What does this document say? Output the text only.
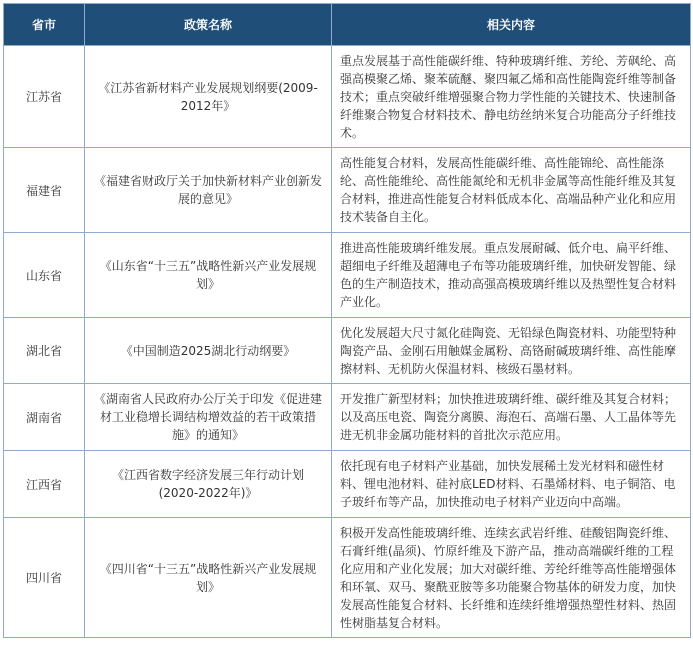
省市	政策名称	相关内容
江苏省	《江苏省新材料产业发展规划纲要(2009-2012年》	重点发展基于高性能碳纤维、特种玻璃纤维、芳纶、芳砜纶、高强高模聚乙烯、聚苯硫醚、聚四氟乙烯和高性能陶瓷纤维等制备技术；重点突破纤维增强聚合物力学性能的关键技术、快速制备纤维聚合物复合材料技术、静电纺丝纳米复合功能高分子纤维技术。
福建省	《福建省财政厅关于加快新材料产业创新发展的意见》	高性能复合材料，发展高性能碳纤维、高性能锦纶、高性能涤纶、高性能维纶、高性能氮纶和无机非金属等高性能纤维及其复合材料，推进高性能复合材料低成本化、高端品种产业化和应用技术装备自主化。
山东省	《山东省“十三五”战略性新兴产业发展规划》	推进高性能玻璃纤维发展。重点发展耐碱、低介电、扁平纤维、超细电子纤维及超薄电子布等功能玻璃纤维，加快研发智能、绿色的生产制造技术，推动高强高模玻璃纤维以及热塑性复合材料产业化。
湖北省	《中国制造2025湖北行动纲要》	优化发展超大尺寸氮化硅陶瓷、无铅绿色陶瓷材料、功能型特种陶瓷产品、金刚石用触媒金属粉、高铬耐碱玻璃纤维、高性能摩擦材料、无机防火保温材料、核级石墨材料。
湖南省	《湖南省人民政府办公厅关于印发《促进建材工业稳增长调结构增效益的若干政策措施》的通知》	开发推广新型材料；加快推进玻璃纤维、碳纤维及其复合材料；以及高压电瓷、陶瓷分离膜、海泡石、高端石墨、人工晶体等先进无机非金属功能材料的首批次示范应用。
江西省	《江西省数字经济发展三年行动计划(2020-2022年)》	依托现有电子材料产业基础，加快发展稀土发光材料和磁性材料、锂电池材料、硅衬底LED材料、石墨烯材料、电子铜箔、电子玻纤布等产品，加快推动电子材料产业迈向中高端。
四川省	《四川省“十三五”战略性新兴产业发展规划》	积极开发高性能玻璃纤维、连续玄武岩纤维、硅酸铝陶瓷纤维、石膏纤维(晶须)、竹原纤维及下游产品，推动高端碳纤维的工程化应用和产业化发展；加大对碳纤维、芳纶纤维等高性能增强体和环氧、双马、聚酰亚胺等多功能聚合物基体的研发力度，加快发展高性能复合材料、长纤维和连续纤维增强热塑性材料、热固性树脂基复合材料。
